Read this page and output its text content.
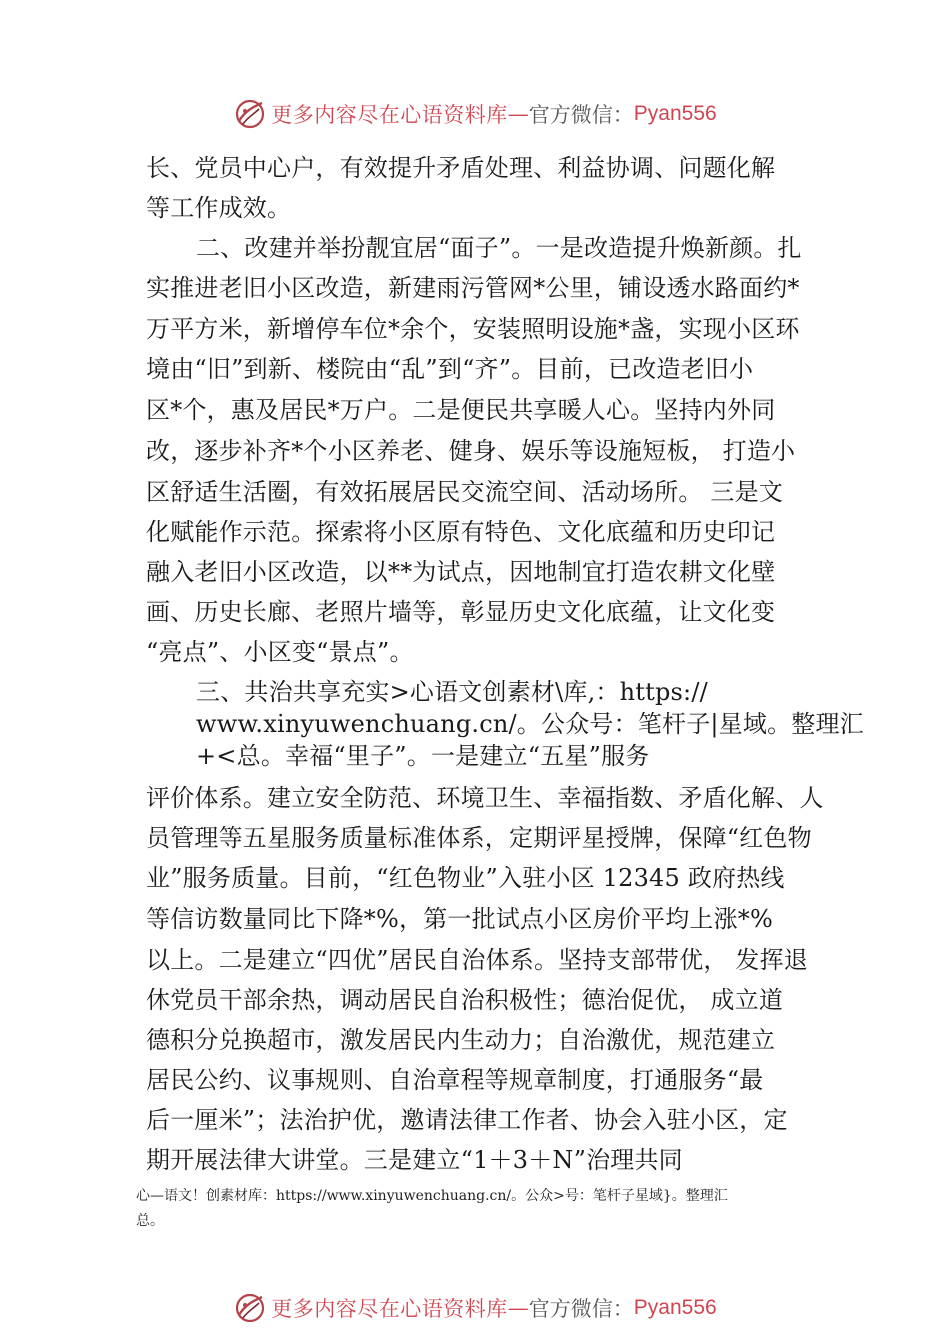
更多内容尽在心语资料库 — 官方微信： Pyan556
长、党员中心户，有效提升矛盾处理、利益协调、问题化解
等工作成效。
二、改建并举扮靓宜居“面子”。一是改造提升焕新颜。扎
实推进老旧小区改造，新建雨污管网*公里，铺设透水路面约*
万平方米，新增停车位*余个，安装照明设施*盏，实现小区环
境由“旧”到新、楼院由“乱”到“齐”。目前，已改造老旧小
区*个，惠及居民*万户。二是便民共享暖人心。坚持内外同
改，逐步补齐*个小区养老、健身、娱乐等设施短板， 打造小
区舒适生活圈，有效拓展居民交流空间、活动场所。 三是文
化赋能作示范。探索将小区原有特色、文化底蕴和历史印记
融入老旧小区改造，以**为试点，因地制宜打造农耕文化壁
画、历史长廊、老照片墙等，彰显历史文化底蕴，让文化变
“亮点”、小区变“景点”。
三、共治共享充实>心语文创素材\库,：https://
www.xinyuwenchuang.cn/。公众号：笔杆子|星域。整理汇
+<总。幸福“里子”。一是建立“五星”服务
评价体系。建立安全防范、环境卫生、幸福指数、矛盾化解、人
员管理等五星服务质量标准体系，定期评星授牌，保障“红色物
业”服务质量。目前，“红色物业”入驻小区 12345 政府热线
等信访数量同比下降*%，第一批试点小区房价平均上涨*%
以上。二是建立“四优”居民自治体系。坚持支部带优， 发挥退
休党员干部余热，调动居民自治积极性；德治促优， 成立道
德积分兑换超市，激发居民内生动力；自治激优，规范建立
居民公约、议事规则、自治章程等规章制度，打通服务“最
后一厘米”；法治护优，邀请法律工作者、协会入驻小区，定
期开展法律大讲堂。三是建立“1＋3＋N”治理共同
心—语文！创素材库：https://www.xinyuwenchuang.cn/。公众>号：笔杆子星域}。整理汇
总。
更多内容尽在心语资料库 — 官方微信： Pyan556
